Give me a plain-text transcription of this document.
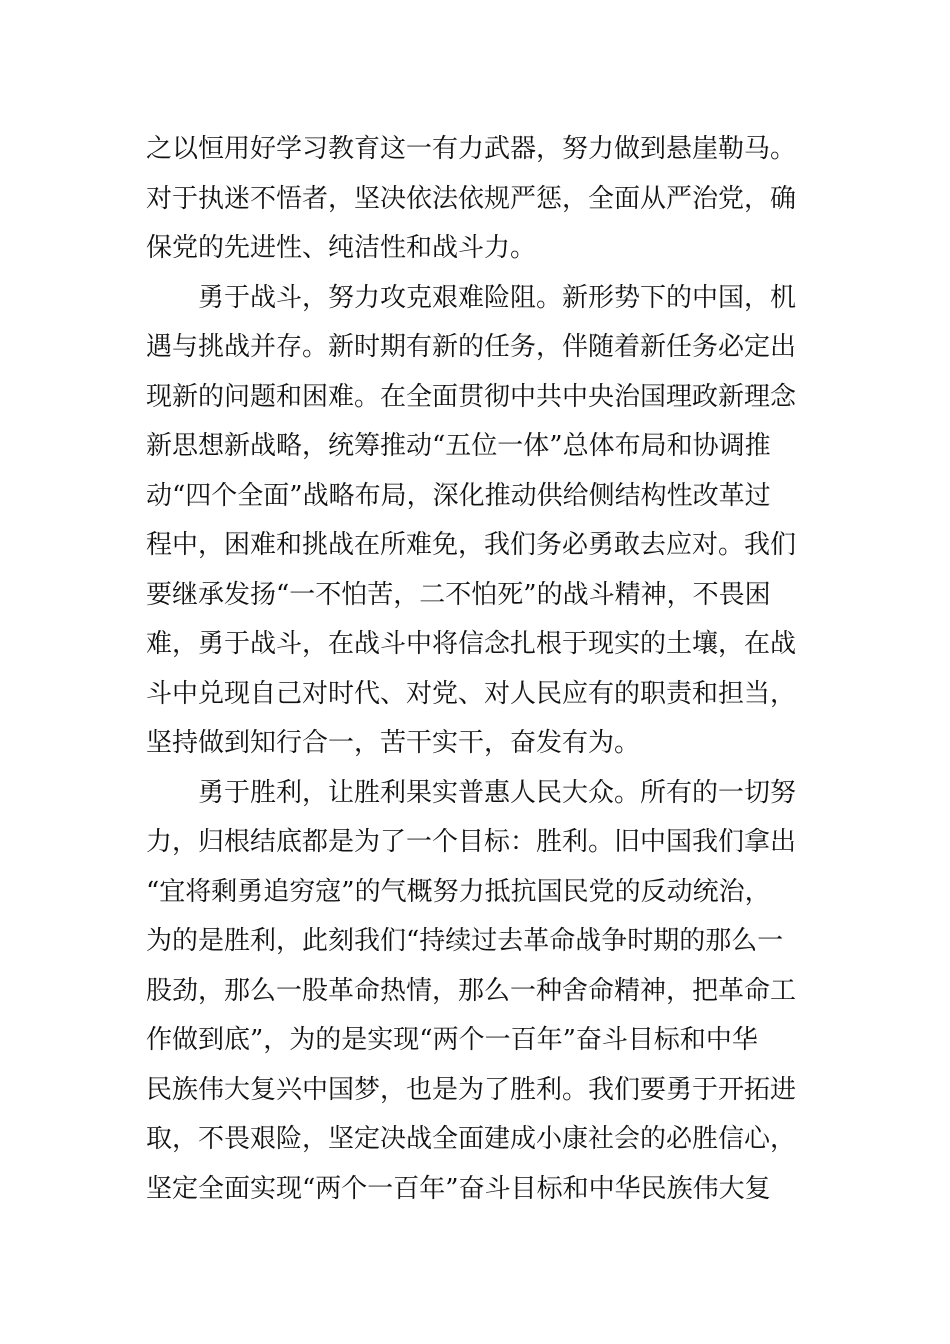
之以恒用好学习教育这一有力武器，努力做到悬崖勒马。
对于执迷不悟者，坚决依法依规严惩，全面从严治党，确
保党的先进性、纯洁性和战斗力。
勇于战斗，努力攻克艰难险阻。新形势下的中国，机
遇与挑战并存。新时期有新的任务，伴随着新任务必定出
现新的问题和困难。在全面贯彻中共中央治国理政新理念
新思想新战略，统筹推动“五位一体”总体布局和协调推
动“四个全面”战略布局，深化推动供给侧结构性改革过
程中，困难和挑战在所难免，我们务必勇敢去应对。我们
要继承发扬“一不怕苦，二不怕死”的战斗精神，不畏困
难，勇于战斗，在战斗中将信念扎根于现实的土壤，在战
斗中兑现自己对时代、对党、对人民应有的职责和担当，
坚持做到知行合一，苦干实干，奋发有为。
勇于胜利，让胜利果实普惠人民大众。所有的一切努
力，归根结底都是为了一个目标：胜利。旧中国我们拿出
“宜将剩勇追穷寇”的气概努力抵抗国民党的反动统治，
为的是胜利，此刻我们“持续过去革命战争时期的那么一
股劲，那么一股革命热情，那么一种舍命精神，把革命工
作做到底”，为的是实现“两个一百年”奋斗目标和中华
民族伟大复兴中国梦，也是为了胜利。我们要勇于开拓进
取，不畏艰险，坚定决战全面建成小康社会的必胜信心，
坚定全面实现“两个一百年”奋斗目标和中华民族伟大复
